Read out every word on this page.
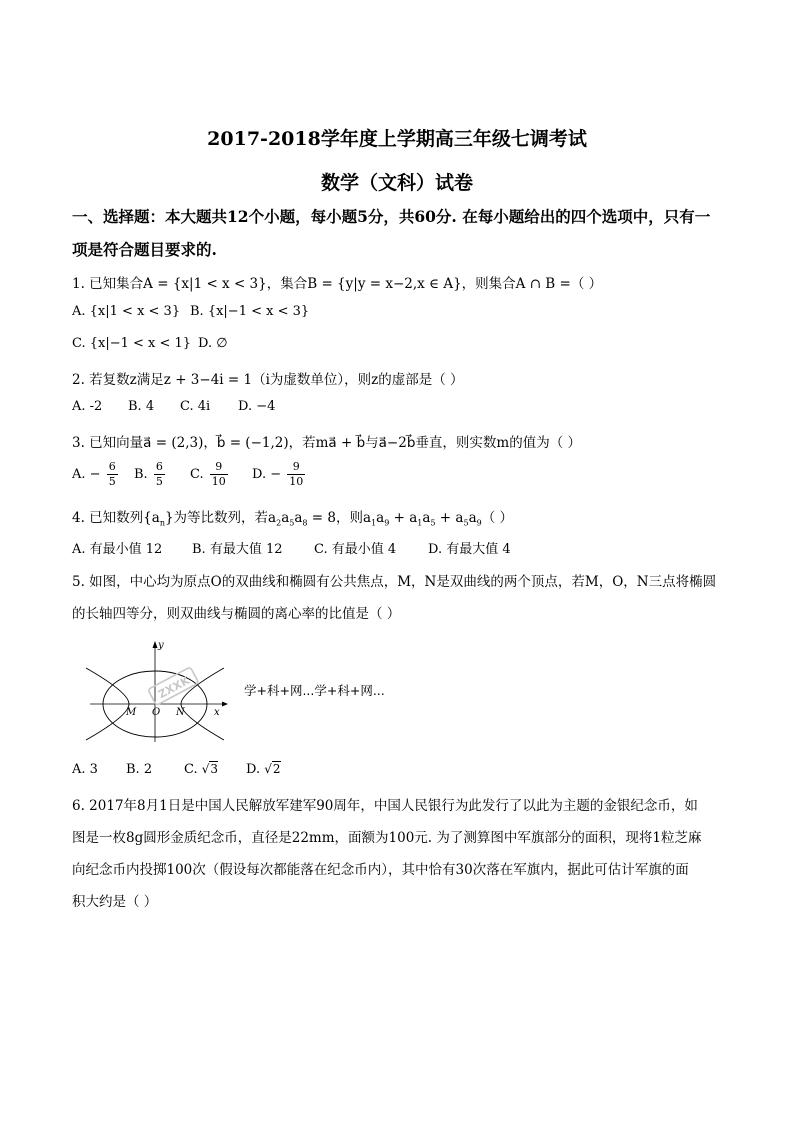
2017-2018学年度上学期高三年级七调考试
数学（文科）试卷
一、选择题：本大题共12个小题，每小题5分，共60分. 在每小题给出的四个选项中，只有一
项是符合题目要求的.
1. 已知集合A = {x|1 < x < 3}，集合B = {y|y = x−2,x ∈ A}，则集合A ∩ B =（ ）
A. {x|1 < x < 3} B. {x|−1 < x < 3}
C. {x|−1 < x < 1} D. ∅
2. 若复数z满足z + 3−4i = 1（i为虚数单位），则z的虚部是（ ）
A. -2 B. 4 C. 4i D. −4
3. 已知向量a⃗ = (2,3)，b⃗ = (−1,2)，若ma⃗ + b⃗与a⃗−2b⃗垂直，则实数m的值为（ ）
A. − $\frac{6}{5} B$. $\frac{6}{5} C$. $\frac{9}{10} D$. − $\frac{9}{10}$
4. 已知数列$\{a_n\}$为等比数列，若$a_2a_5a_8 = 8$，则$a_1a_9 + a_1a_5 + a_5a_9$（ ）
A. 有最小值 12 B. 有最大值 12 C. 有最小值 4 D. 有最大值 4
5. 如图，中心均为原点O的双曲线和椭圆有公共焦点，M，N是双曲线的两个顶点，若M，O，N三点将椭圆
的长轴四等分，则双曲线与椭圆的离心率的比值是（ ）
ZXXK
y
x
M O N
学+科+网...学+科+网...
A. 3 B. 2 C. √3 D. √2
6. 2017年8月1日是中国人民解放军建军90周年，中国人民银行为此发行了以此为主题的金银纪念币，如
图是一枚8g圆形金质纪念币，直径是22mm，面额为100元. 为了测算图中军旗部分的面积，现将1粒芝麻
向纪念币内投掷100次（假设每次都能落在纪念币内），其中恰有30次落在军旗内，据此可估计军旗的面
积大约是（ ）
